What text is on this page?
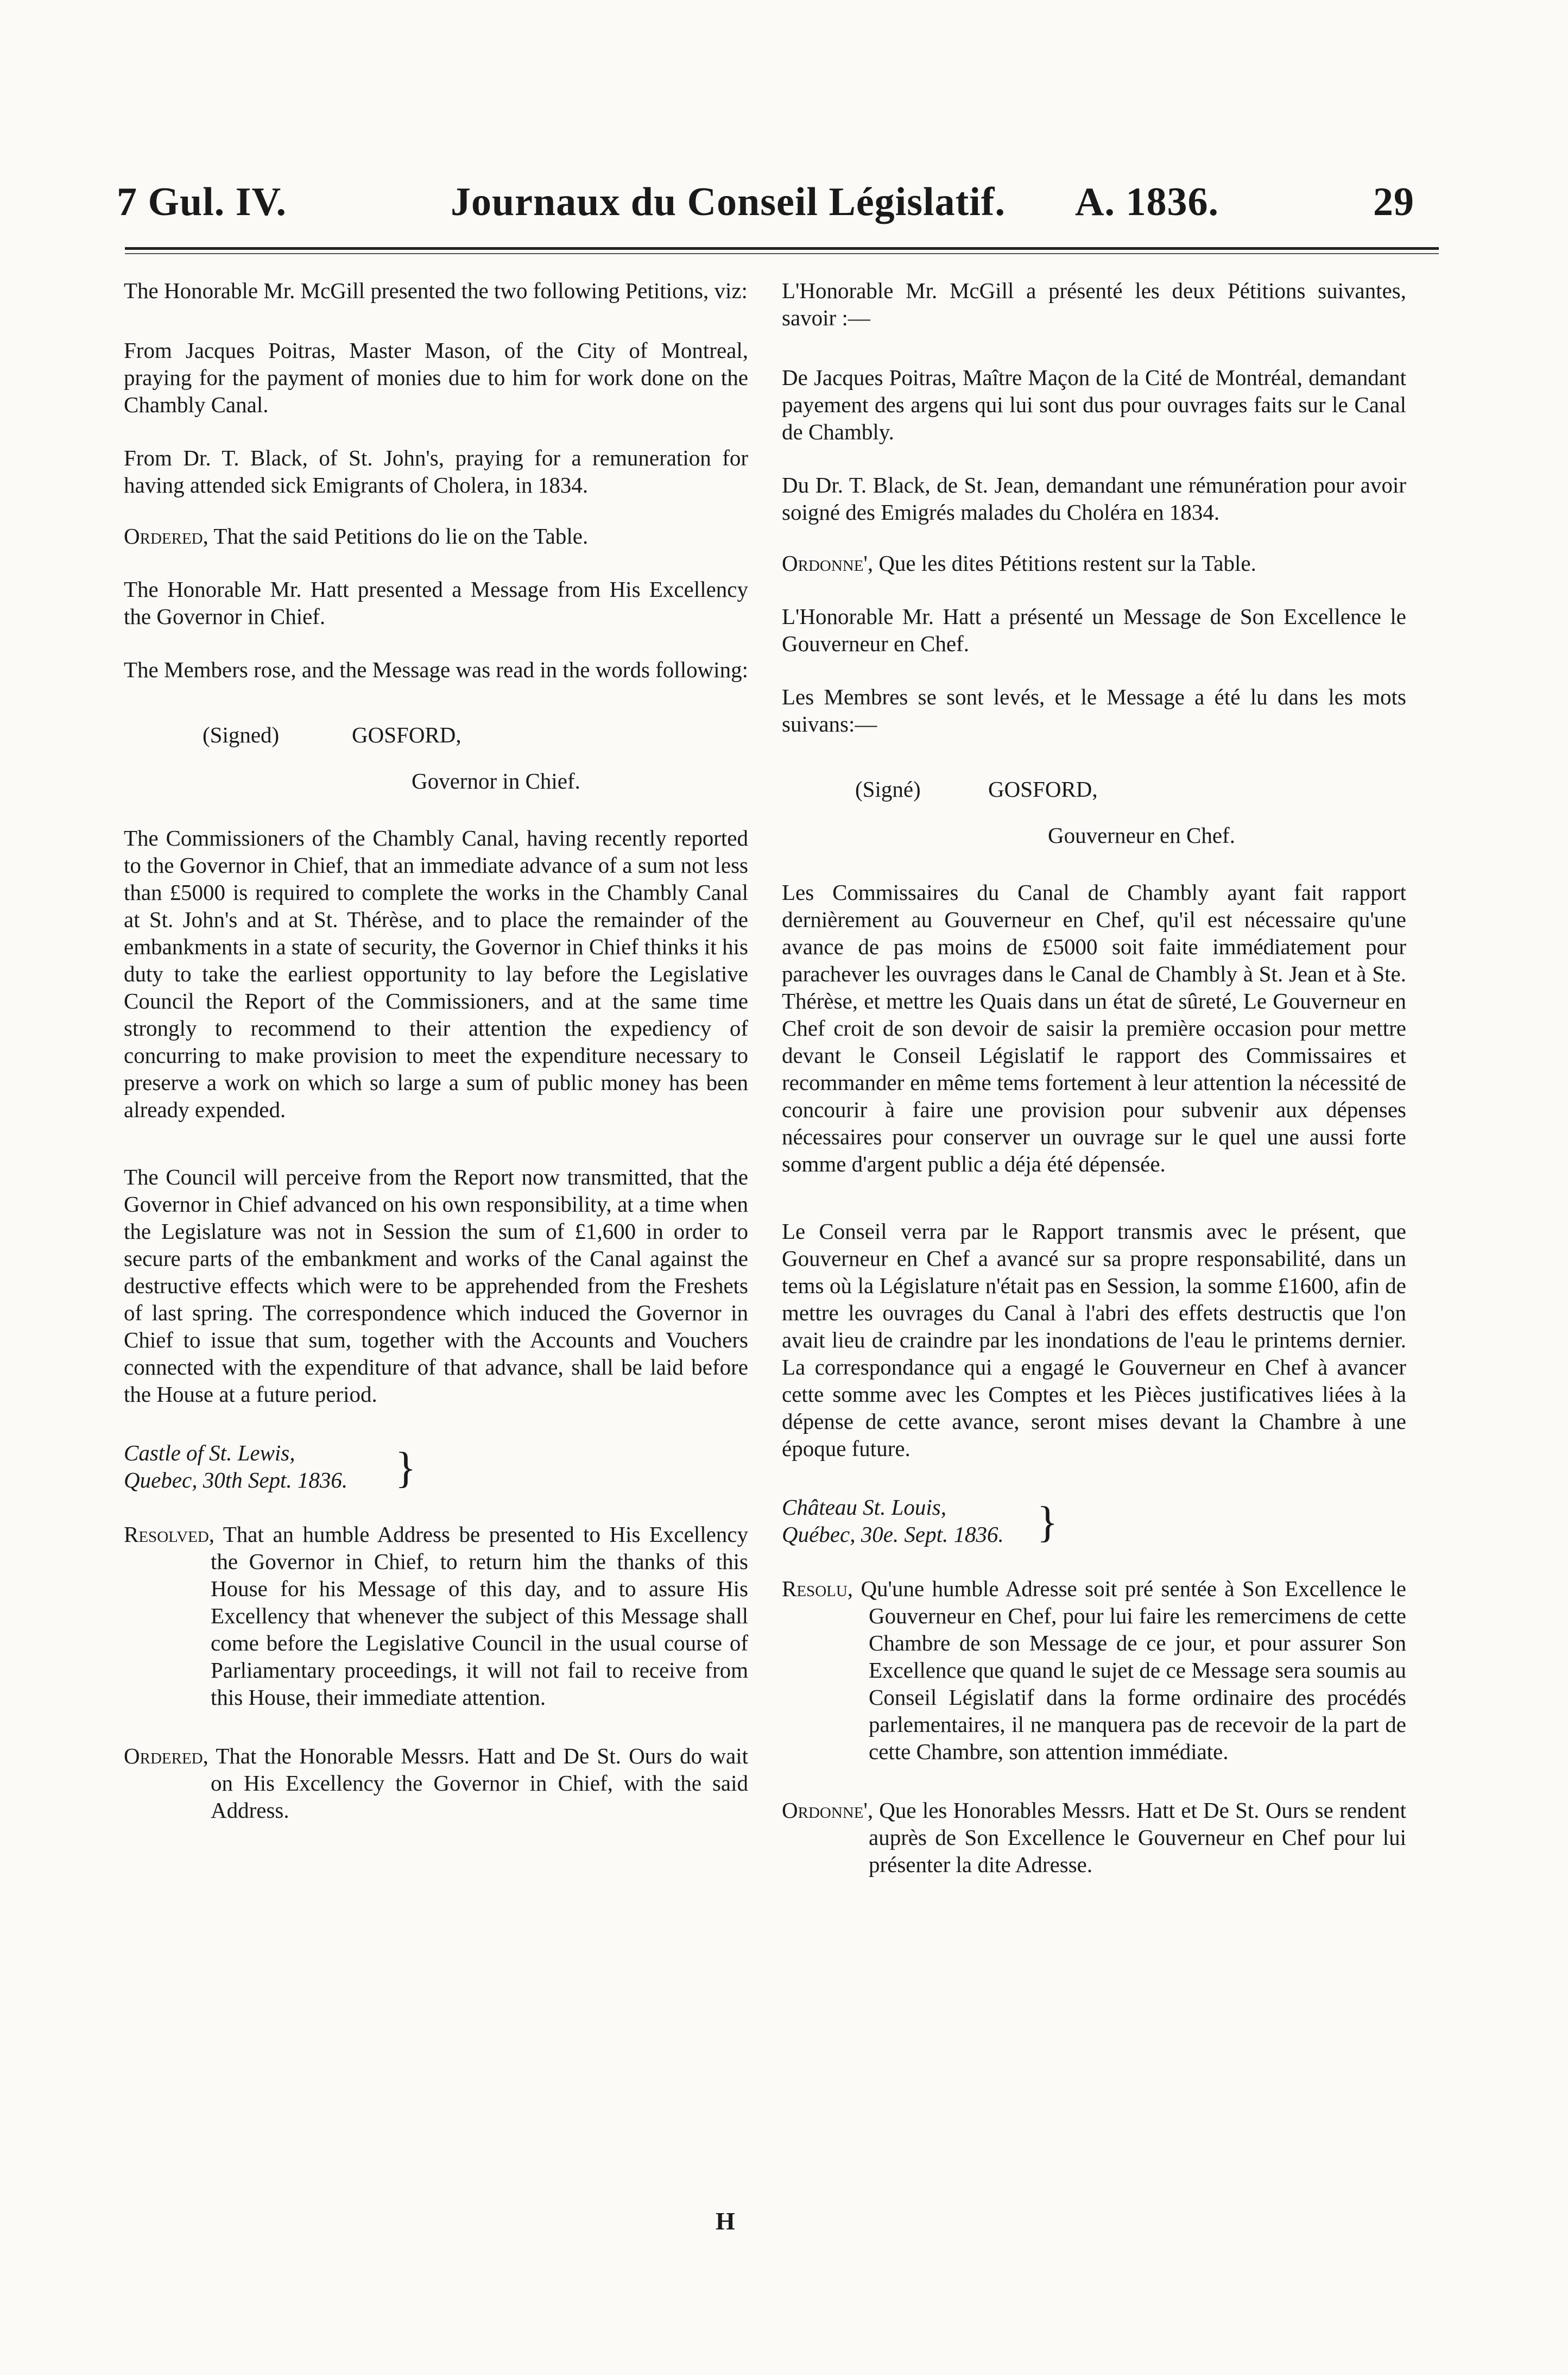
7 Gul. IV.	Journaux du Conseil Législatif. A. 1836.	29

The Honorable Mr. McGill presented the two following Petitions, viz:

From Jacques Poitras, Master Mason, of the City of Montreal, praying for the payment of monies due to him for work done on the Chambly Canal.

From Dr. T. Black, of St. John's, praying for a remuneration for having attended sick Emigrants of Cholera, in 1834.

Ordered, That the said Petitions do lie on the Table.

The Honorable Mr. Hatt presented a Message from His Excellency the Governor in Chief.

The Members rose, and the Message was read in the words following:

(Signed)	GOSFORD,
Governor in Chief.

The Commissioners of the Chambly Canal, having recently reported to the Governor in Chief, that an immediate advance of a sum not less than £5000 is required to complete the works in the Chambly Canal at St. John's and at St. Thérèse, and to place the remainder of the embankments in a state of security, the Governor in Chief thinks it his duty to take the earliest opportunity to lay before the Legislative Council the Report of the Commissioners, and at the same time strongly to recommend to their attention the expediency of concurring to make provision to meet the expenditure necessary to preserve a work on which so large a sum of public money has been already expended.

The Council will perceive from the Report now transmitted, that the Governor in Chief advanced on his own responsibility, at a time when the Legislature was not in Session the sum of £1,600 in order to secure parts of the embankment and works of the Canal against the destructive effects which were to be apprehended from the Freshets of last spring. The correspondence which induced the Governor in Chief to issue that sum, together with the Accounts and Vouchers connected with the expenditure of that advance, shall be laid before the House at a future period.

Castle of St. Lewis,
Quebec, 30th Sept. 1836. }

Resolved, That an humble Address be presented to His Excellency the Governor in Chief, to return him the thanks of this House for his Message of this day, and to assure His Excellency that whenever the subject of this Message shall come before the Legislative Council in the usual course of Parliamentary proceedings, it will not fail to receive from this House, their immediate attention.

Ordered, That the Honorable Messrs. Hatt and De St. Ours do wait on His Excellency the Governor in Chief, with the said Address.

L'Honorable Mr. McGill a présenté les deux Pétitions suivantes, savoir :—

De Jacques Poitras, Maître Maçon de la Cité de Montréal, demandant payement des argens qui lui sont dus pour ouvrages faits sur le Canal de Chambly.

Du Dr. T. Black, de St. Jean, demandant une rémunération pour avoir soigné des Emigrés malades du Choléra en 1834.

Ordonne', Que les dites Pétitions restent sur la Table.

L'Honorable Mr. Hatt a présenté un Message de Son Excellence le Gouverneur en Chef.

Les Membres se sont levés, et le Message a été lu dans les mots suivans:—

(Signé)	GOSFORD,
Gouverneur en Chef.

Les Commissaires du Canal de Chambly ayant fait rapport dernièrement au Gouverneur en Chef, qu'il est nécessaire qu'une avance de pas moins de £5000 soit faite immédiatement pour parachever les ouvrages dans le Canal de Chambly à St. Jean et à Ste. Thérèse, et mettre les Quais dans un état de sûreté, Le Gouverneur en Chef croit de son devoir de saisir la première occasion pour mettre devant le Conseil Législatif le rapport des Commissaires et recommander en même tems fortement à leur attention la nécessité de concourir à faire une provision pour subvenir aux dépenses nécessaires pour conserver un ouvrage sur le quel une aussi forte somme d'argent public a déja été dépensée.

Le Conseil verra par le Rapport transmis avec le présent, que Gouverneur en Chef a avancé sur sa propre responsabilité, dans un tems où la Législature n'était pas en Session, la somme £1600, afin de mettre les ouvrages du Canal à l'abri des effets destructis que l'on avait lieu de craindre par les inondations de l'eau le printems dernier. La correspondance qui a engagé le Gouverneur en Chef à avancer cette somme avec les Comptes et les Pièces justificatives liées à la dépense de cette avance, seront mises devant la Chambre à une époque future.

Château St. Louis,
Québec, 30e. Sept. 1836. }

Resolu, Qu'une humble Adresse soit pré sentée à Son Excellence le Gouverneur en Chef, pour lui faire les remercimens de cette Chambre de son Message de ce jour, et pour assurer Son Excellence que quand le sujet de ce Message sera soumis au Conseil Législatif dans la forme ordinaire des procédés parlementaires, il ne manquera pas de recevoir de la part de cette Chambre, son attention immédiate.

Ordonne', Que les Honorables Messrs. Hatt et De St. Ours se rendent auprès de Son Excellence le Gouverneur en Chef pour lui présenter la dite Adresse.

H
